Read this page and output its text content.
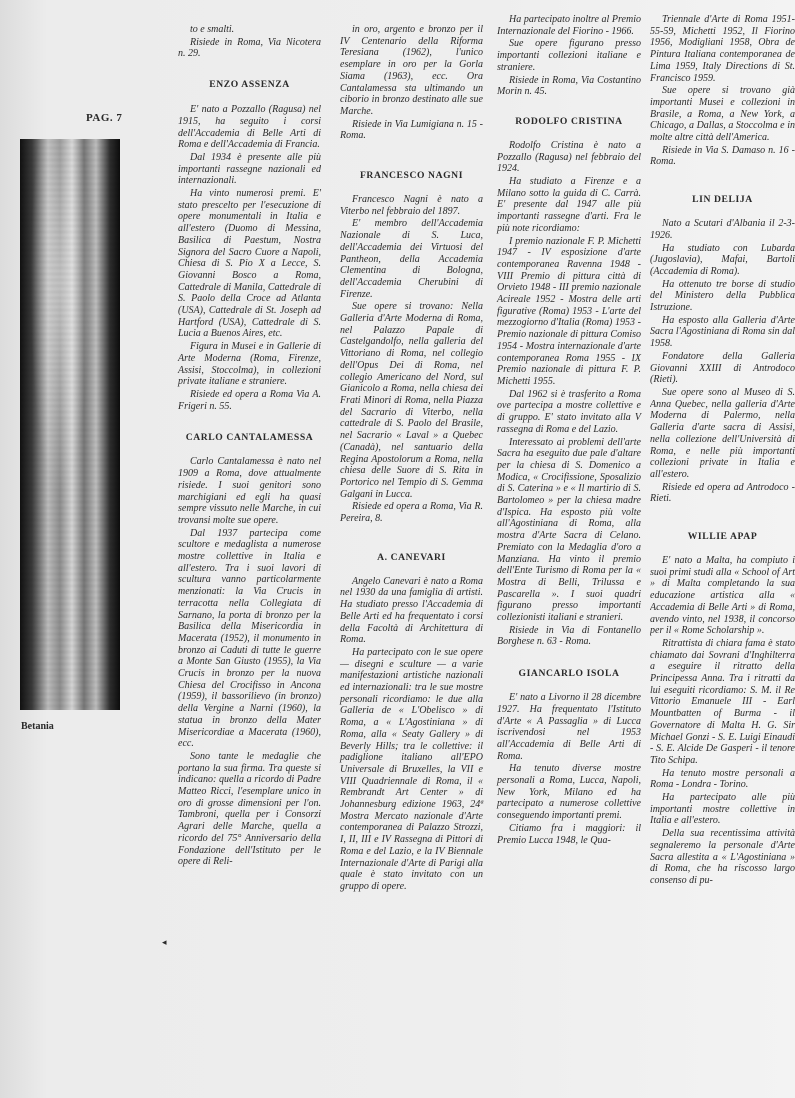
PAG. 7
Betania

to e smalti.

Risiede in Roma, Via Nicotera n. 29.

ENZO ASSENZA

E' nato a Pozzallo (Ragusa) nel 1915, ha seguito i corsi dell'Accademia di Belle Arti di Roma e dell'Accademia di Francia.

Dal 1934 è presente alle più importanti rassegne nazionali ed internazionali.

Ha vinto numerosi premi. E' stato prescelto per l'esecuzione di opere monumentali in Italia e all'estero (Duomo di Messina, Basilica di Paestum, Nostra Signora del Sacro Cuore a Napoli, Chiesa di S. Pio X a Lecce, S. Giovanni Bosco a Roma, Cattedrale di Manila, Cattedrale di S. Paolo della Croce ad Atlanta (USA), Cattedrale di St. Joseph ad Hartford (USA), Cattedrale di S. Lucia a Buenos Aires, etc.

Figura in Musei e in Gallerie di Arte Moderna (Roma, Firenze, Assisi, Stoccolma), in collezioni private italiane e straniere.

Risiede ed opera a Roma Via A. Frigeri n. 55.

CARLO CANTALAMESSA

Carlo Cantalamessa è nato nel 1909 a Roma, dove attualmente risiede. I suoi genitori sono marchigiani ed egli ha quasi sempre vissuto nelle Marche, in cui trovansi molte sue opere.

Dal 1937 partecipa come scultore e medaglista a numerose mostre collettive in Italia e all'estero. Tra i suoi lavori di scultura vanno particolarmente menzionati: la Via Crucis in terracotta nella Collegiata di Sarnano, la porta di bronzo per la Basilica della Misericordia in Macerata (1952), il monumento in bronzo ai Caduti di tutte le guerre a Monte San Giusto (1955), la Via Crucis in bronzo per la nuova Chiesa del Crocifisso in Ancona (1959), il bassorilievo (in bronzo) della Vergine a Narni (1960), la statua in bronzo della Mater Misericordiae a Macerata (1960), ecc.

Sono tante le medaglie che portano la sua firma. Tra queste si indicano: quella a ricordo di Padre Matteo Ricci, l'esemplare unico in oro di grosse dimensioni per l'on. Tambroni, quella per i Consorzi Agrari delle Marche, quella a ricordo del 75° Anniversario della Fondazione dell'Istituto per le opere di Reli-

in oro, argento e bronzo per il IV Centenario della Riforma Teresiana (1962), l'unico esemplare in oro per la Gorla Siama (1963), ecc. Ora Cantalamessa sta ultimando un ciborio in bronzo destinato alle sue Marche.

Risiede in Via Lumigiana n. 15 - Roma.

FRANCESCO NAGNI

Francesco Nagni è nato a Viterbo nel febbraio del 1897.

E' membro dell'Accademia Nazionale di S. Luca, dell'Accademia dei Virtuosi del Pantheon, della Accademia Clementina di Bologna, dell'Accademia Cherubini di Firenze.

Sue opere si trovano: Nella Galleria d'Arte Moderna di Roma, nel Palazzo Papale di Castelgandolfo, nella galleria del Vittoriano di Roma, nel collegio dell'Opus Dei di Roma, nel collegio Americano del Nord, sul Gianicolo a Roma, nella chiesa dei Frati Minori di Roma, nella Piazza del Sacrario di Viterbo, nella cattedrale di S. Paolo del Brasile, nel Sacrario « Laval » a Quebec (Canadà), nel santuario della Regina Apostolorum a Roma, nella chiesa delle Suore di S. Rita in Portorico nel Tempio di S. Gemma Galgani in Lucca.

Risiede ed opera a Roma, Via R. Pereira, 8.

A. CANEVARI

Angelo Canevari è nato a Roma nel 1930 da una famiglia di artisti. Ha studiato presso l'Accademia di Belle Arti ed ha frequentato i corsi della Facoltà di Architettura di Roma.

Ha partecipato con le sue opere — disegni e sculture — a varie manifestazioni artistiche nazionali ed internazionali: tra le sue mostre personali ricordiamo: le due alla Galleria de « L'Obelisco » di Roma, a « L'Agostiniana » di Roma, alla « Seaty Gallery » di Beverly Hills; tra le collettive: il padiglione italiano all'EPO Universale di Bruxelles, la VII e VIII Quadriennale di Roma, il « Rembrandt Art Center » di Johannesburg edizione 1963, 24ª Mostra Mercato nazionale d'Arte contemporanea di Palazzo Strozzi, I, II, III e IV Rassegna di Pittori di Roma e del Lazio, e la IV Biennale Internazionale d'Arte di Parigi alla quale è stato invitato con un gruppo di opere.

Ha partecipato inoltre al Premio Internazionale del Fiorino - 1966.

Sue opere figurano presso importanti collezioni italiane e straniere.

Risiede in Roma, Via Costantino Morin n. 45.

RODOLFO CRISTINA

Rodolfo Cristina è nato a Pozzallo (Ragusa) nel febbraio del 1924.

Ha studiato a Firenze e a Milano sotto la guida di C. Carrà. E' presente dal 1947 alle più importanti rassegne d'arti. Fra le più note ricordiamo:

I premio nazionale F. P. Michetti 1947 - IV esposizione d'arte contemporanea Ravenna 1948 - VIII Premio di pittura città di Orvieto 1948 - III premio nazionale Acireale 1952 - Mostra delle arti figurative (Roma) 1953 - L'arte del mezzogiorno d'Italia (Roma) 1953 - Premio nazionale di pittura Comiso 1954 - Mostra internazionale d'arte contemporanea Roma 1955 - IX Premio nazionale di pittura F. P. Michetti 1955.

Dal 1962 si è trasferito a Roma ove partecipa a mostre collettive e di gruppo. E' stato invitato alla V rassegna di Roma e del Lazio.

Interessato ai problemi dell'arte Sacra ha eseguito due pale d'altare per la chiesa di S. Domenico a Modica, « Crocifissione, Sposalizio di S. Caterina » e « Il martirio di S. Bartolomeo » per la chiesa madre d'Ispica. Ha esposto più volte all'Agostiniana di Roma, alla mostra d'Arte Sacra di Celano. Premiato con la Medaglia d'oro a Manziana. Ha vinto il premio dell'Ente Turismo di Roma per la « Mostra di Belli, Trilussa e Pascarella ». I suoi quadri figurano presso importanti collezionisti italiani e stranieri.

Risiede in Via di Fontanello Borghese n. 63 - Roma.

GIANCARLO ISOLA

E' nato a Livorno il 28 dicembre 1927. Ha frequentato l'Istituto d'Arte « A Passaglia » di Lucca iscrivendosi nel 1953 all'Accademia di Belle Arti di Roma.

Ha tenuto diverse mostre personali a Roma, Lucca, Napoli, New York, Milano ed ha partecipato a numerose collettive conseguendo importanti premi.

Citiamo fra i maggiori: il Premio Lucca 1948, le Qua-

Triennale d'Arte di Roma 1951-55-59, Michetti 1952, Il Fiorino 1956, Modigliani 1958, Obra de Pintura Italiana contemporanea de Lima 1959, Italy Directions di St. Francisco 1959.

Sue opere si trovano già importanti Musei e collezioni in Brasile, a Roma, a New York, a Chicago, a Dallas, a Stoccolma e in molte altre città dell'America.

Risiede in Via S. Damaso n. 16 - Roma.

LIN DELIJA

Nato a Scutari d'Albania il 2-3-1926.

Ha studiato con Lubarda (Jugoslavia), Mafai, Bartoli (Accademia di Roma).

Ha ottenuto tre borse di studio del Ministero della Pubblica Istruzione.

Ha esposto alla Galleria d'Arte Sacra l'Agostiniana di Roma sin dal 1958.

Fondatore della Galleria Giovanni XXIII di Antrodoco (Rieti).

Sue opere sono al Museo di S. Anna Quebec, nella galleria d'Arte Moderna di Palermo, nella Galleria d'arte sacra di Assisi, nella collezione dell'Università di Roma, e nelle più importanti collezioni private in Italia e all'estero.

Risiede ed opera ad Antrodoco - Rieti.

WILLIE APAP

E' nato a Malta, ha compiuto i suoi primi studi alla « School of Art » di Malta completando la sua educazione artistica alla « Accademia di Belle Arti » di Roma, avendo vinto, nel 1938, il concorso per il « Rome Scholarship ».

Ritrattista di chiara fama è stato chiamato dai Sovrani d'Inghilterra a eseguire il ritratto della Principessa Anna. Tra i ritratti da lui eseguiti ricordiamo: S. M. il Re Vittorio Emanuele III - Earl Mountbatten of Burma - il Governatore di Malta H. G. Sir Michael Gonzi - S. E. Luigi Einaudi - S. E. Alcide De Gasperi - il tenore Tito Schipa.

Ha tenuto mostre personali a Roma - Londra - Torino.

Ha partecipato alle più importanti mostre collettive in Italia e all'estero.

Della sua recentissima attività segnaleremo la personale d'Arte Sacra allestita a « L'Agostiniana » di Roma, che ha riscosso largo consenso di pu-

◂
